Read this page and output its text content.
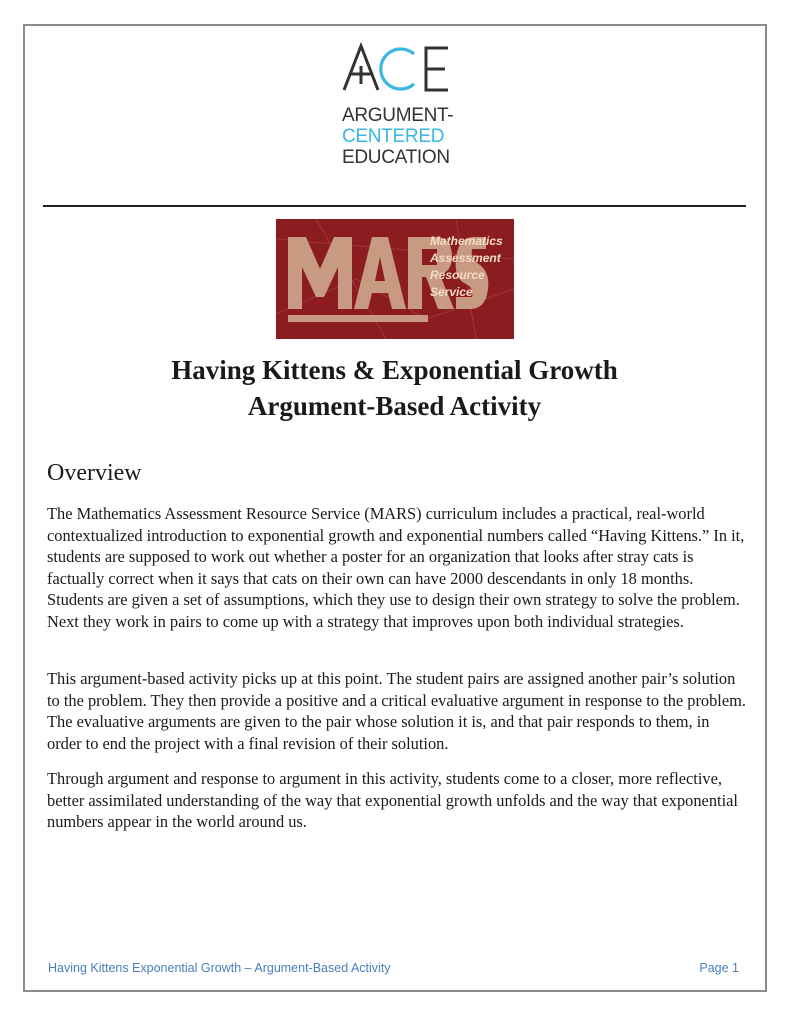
ARGUMENT-
CENTERED
EDUCATION
Mathematics
Assessment
Resource
Service
Having Kittens & Exponential Growth
Argument-Based Activity
Overview

The Mathematics Assessment Resource Service (MARS) curriculum includes a practical, real-world contextualized introduction to exponential growth and exponential numbers called “Having Kittens.” In it, students are supposed to work out whether a poster for an organization that looks after stray cats is factually correct when it says that cats on their own can have 2000 descendants in only 18 months. Students are given a set of assumptions, which they use to design their own strategy to solve the problem. Next they work in pairs to come up with a strategy that improves upon both individual strategies.

This argument-based activity picks up at this point. The student pairs are assigned another pair’s solution to the problem. They then provide a positive and a critical evaluative argument in response to the problem. The evaluative arguments are given to the pair whose solution it is, and that pair responds to them, in order to end the project with a final revision of their solution.

Through argument and response to argument in this activity, students come to a closer, more reflective, better assimilated understanding of the way that exponential growth unfolds and the way that exponential numbers appear in the world around us.

Having Kittens Exponential Growth – Argument-Based Activity	Page 1
